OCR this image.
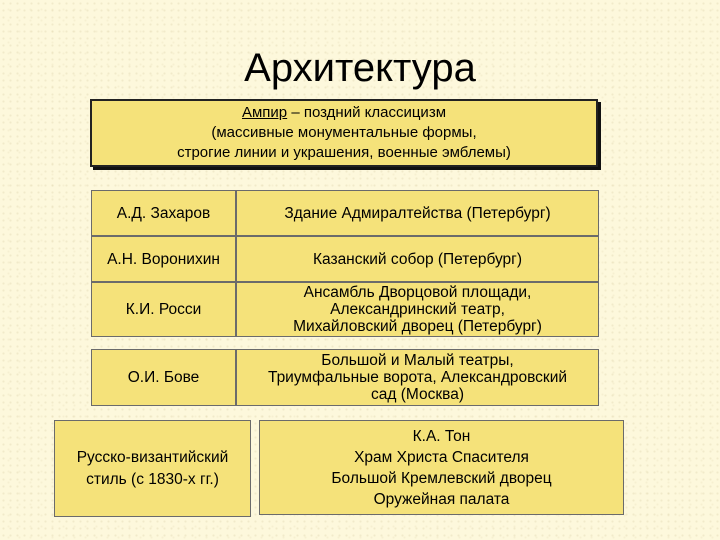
Архитектура
Ампир – поздний классицизм
(массивные монументальные формы,
строгие линии и украшения, военные эмблемы)
А.Д. Захаров	Здание Адмиралтейства (Петербург)
А.Н. Воронихин	Казанский собор (Петербург)
К.И. Росси
Ансамбль Дворцовой площади,
Александринский театр,
Михайловский дворец (Петербург)
О.И. Бове
Большой и Малый театры,
Триумфальные ворота, Александровский
сад (Москва)
Русско-византийский
стиль (с 1830-х гг.)
К.А. Тон
Храм Христа Спасителя
Большой Кремлевский дворец
Оружейная палата
